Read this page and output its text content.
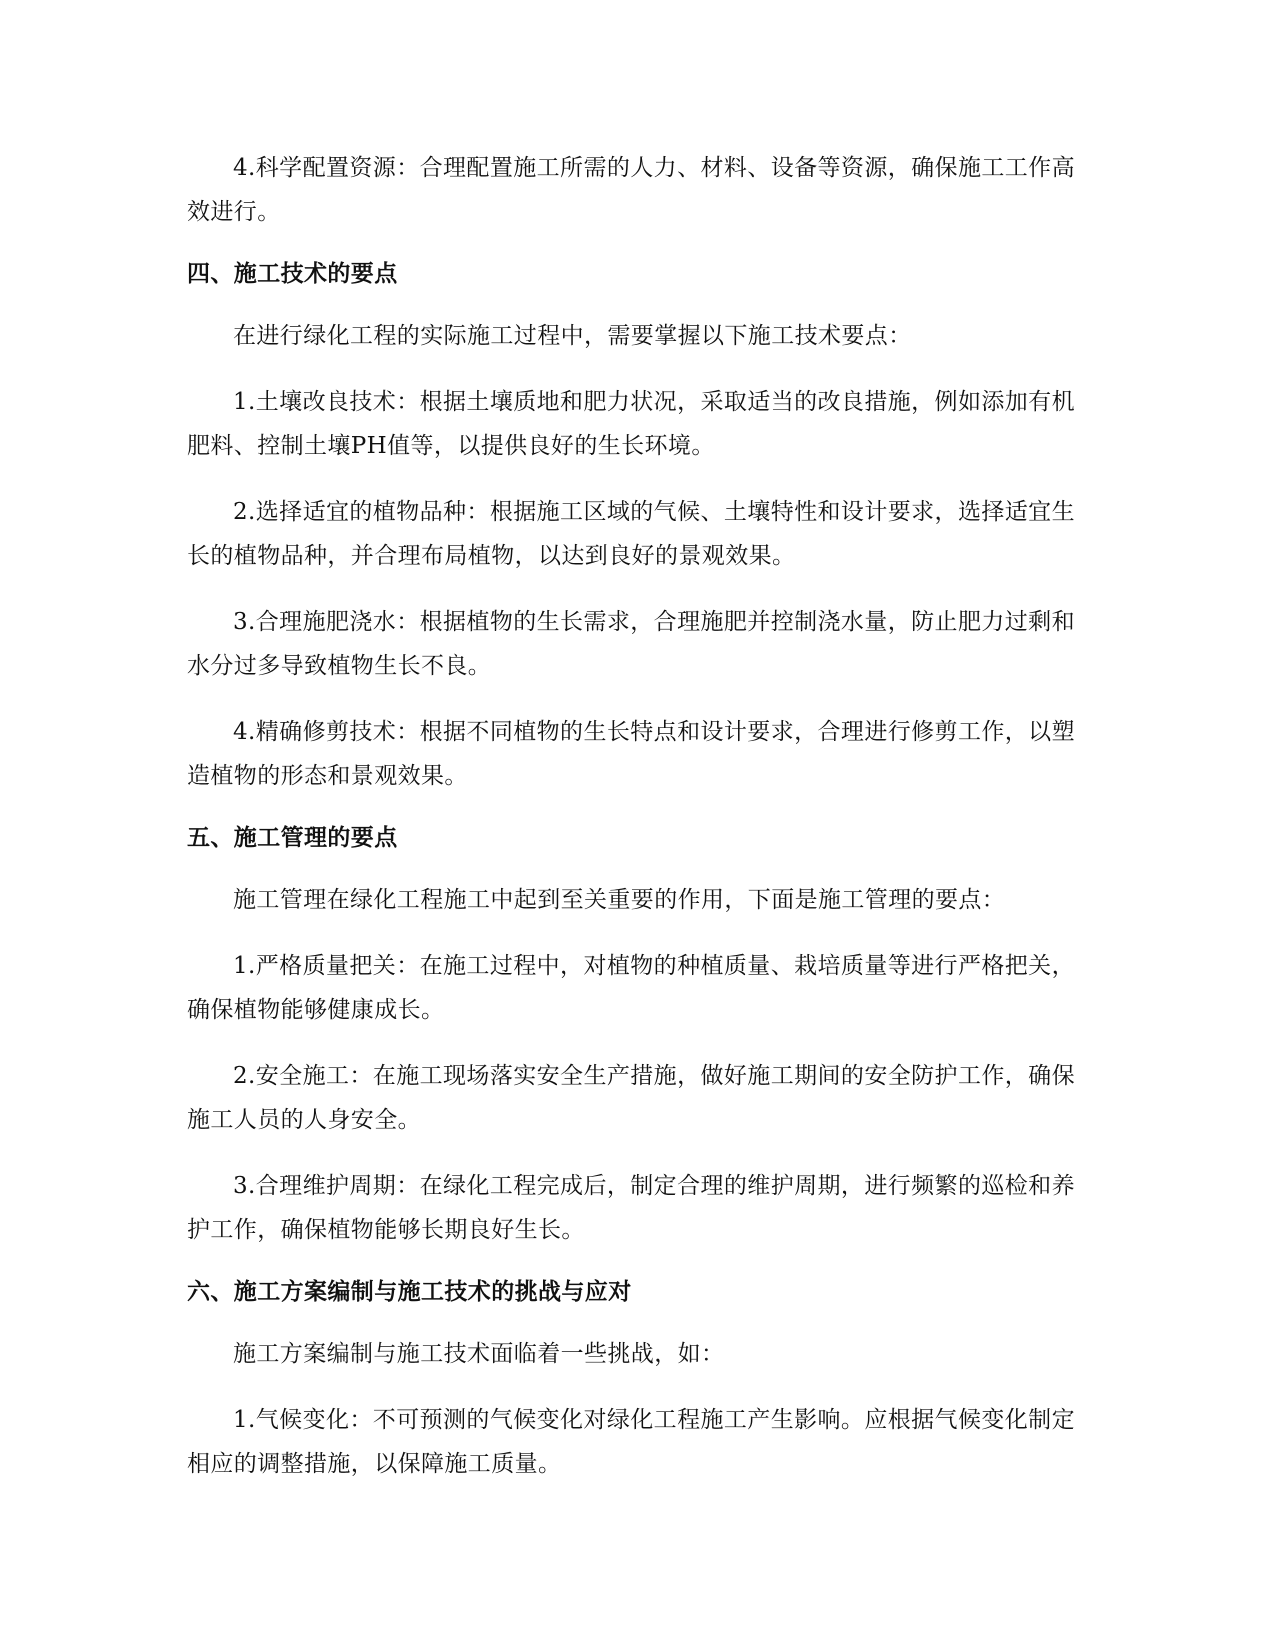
4.科学配置资源：合理配置施工所需的人力、材料、设备等资源，确保施工工作高效进行。

四、施工技术的要点

在进行绿化工程的实际施工过程中，需要掌握以下施工技术要点：

1.土壤改良技术：根据土壤质地和肥力状况，采取适当的改良措施，例如添加有机肥料、控制土壤PH值等，以提供良好的生长环境。

2.选择适宜的植物品种：根据施工区域的气候、土壤特性和设计要求，选择适宜生长的植物品种，并合理布局植物，以达到良好的景观效果。

3.合理施肥浇水：根据植物的生长需求，合理施肥并控制浇水量，防止肥力过剩和水分过多导致植物生长不良。

4.精确修剪技术：根据不同植物的生长特点和设计要求，合理进行修剪工作，以塑造植物的形态和景观效果。

五、施工管理的要点

施工管理在绿化工程施工中起到至关重要的作用，下面是施工管理的要点：

1.严格质量把关：在施工过程中，对植物的种植质量、栽培质量等进行严格把关，确保植物能够健康成长。

2.安全施工：在施工现场落实安全生产措施，做好施工期间的安全防护工作，确保施工人员的人身安全。

3.合理维护周期：在绿化工程完成后，制定合理的维护周期，进行频繁的巡检和养护工作，确保植物能够长期良好生长。

六、施工方案编制与施工技术的挑战与应对

施工方案编制与施工技术面临着一些挑战，如：

1.气候变化：不可预测的气候变化对绿化工程施工产生影响。应根据气候变化制定相应的调整措施，以保障施工质量。
